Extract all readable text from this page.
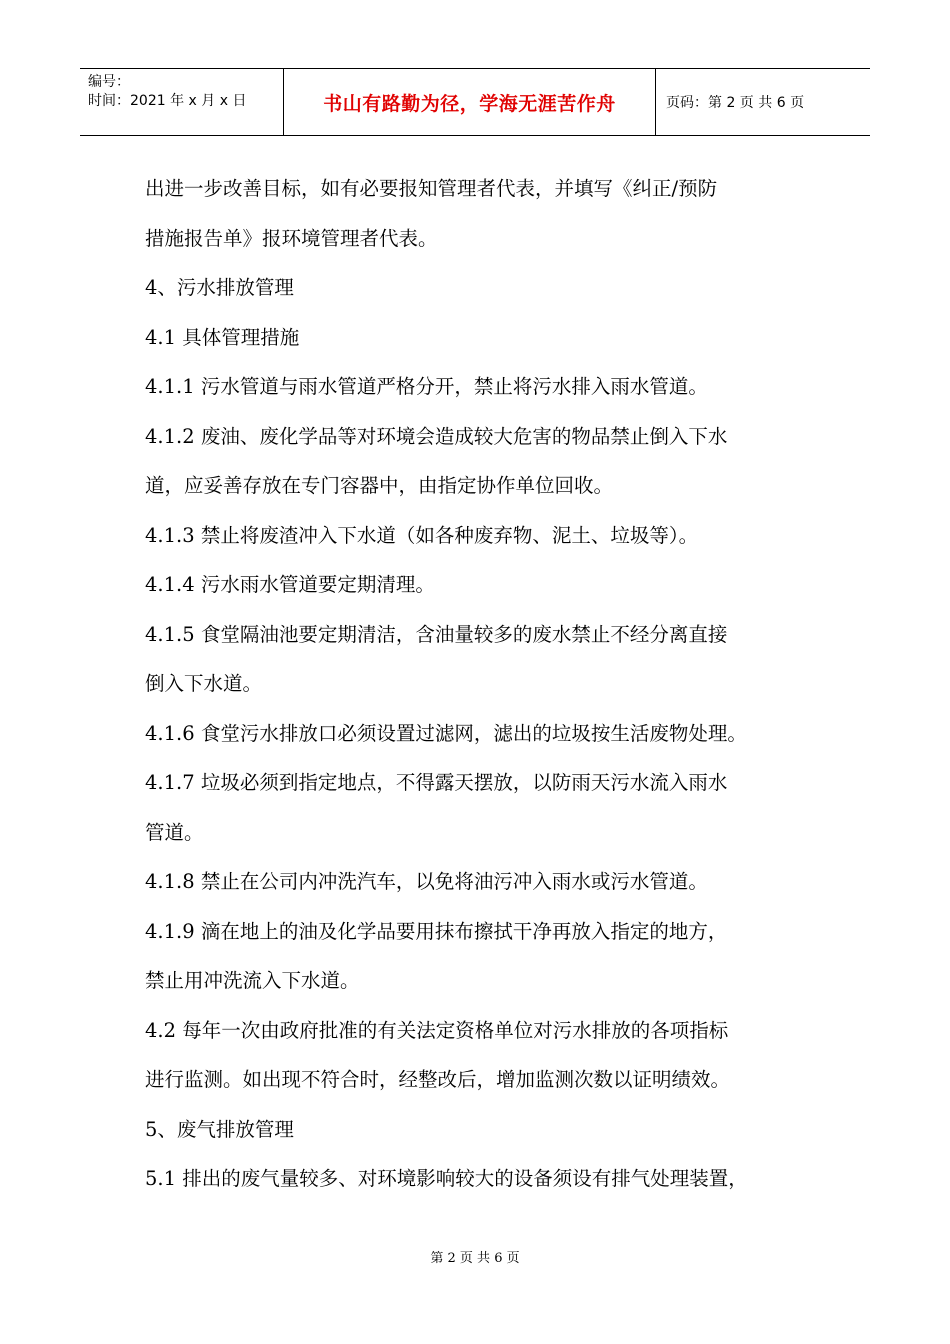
编号：
时间：2021 年 x 月 x 日	书山有路勤为径，学海无涯苦作舟	页码：第 2 页 共 6 页
出进一步改善目标，如有必要报知管理者代表，并填写《纠正/预防
措施报告单》报环境管理者代表。
4、污水排放管理
4.1 具体管理措施
4.1.1 污水管道与雨水管道严格分开，禁止将污水排入雨水管道。
4.1.2 废油、废化学品等对环境会造成较大危害的物品禁止倒入下水
道，应妥善存放在专门容器中，由指定协作单位回收。
4.1.3 禁止将废渣冲入下水道（如各种废弃物、泥土、垃圾等）。
4.1.4 污水雨水管道要定期清理。
4.1.5 食堂隔油池要定期清洁，含油量较多的废水禁止不经分离直接
倒入下水道。
4.1.6 食堂污水排放口必须设置过滤网，滤出的垃圾按生活废物处理。
4.1.7 垃圾必须到指定地点，不得露天摆放，以防雨天污水流入雨水
管道。
4.1.8 禁止在公司内冲洗汽车，以免将油污冲入雨水或污水管道。
4.1.9 滴在地上的油及化学品要用抹布擦拭干净再放入指定的地方，
禁止用冲洗流入下水道。
4.2 每年一次由政府批准的有关法定资格单位对污水排放的各项指标
进行监测。如出现不符合时，经整改后，增加监测次数以证明绩效。
5、废气排放管理
5.1 排出的废气量较多、对环境影响较大的设备须设有排气处理装置，
第 2 页 共 6 页
